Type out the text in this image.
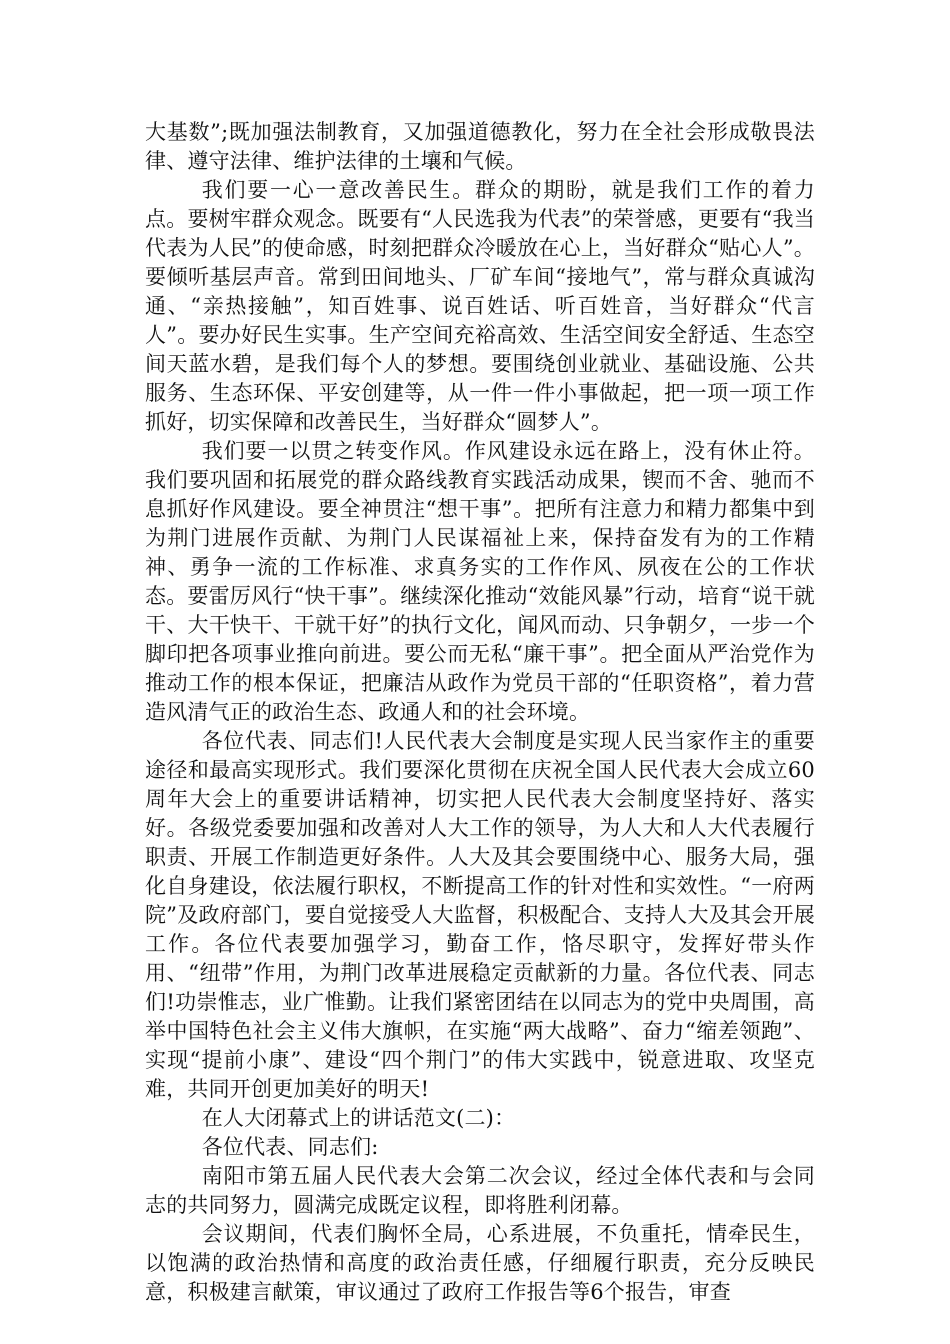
大基数”;既加强法制教育，又加强道德教化，努力在全社会形成敬畏法律、遵守法律、维护法律的土壤和气候。

我们要一心一意改善民生。群众的期盼，就是我们工作的着力点。要树牢群众观念。既要有“人民选我为代表”的荣誉感，更要有“我当代表为人民”的使命感，时刻把群众冷暖放在心上，当好群众“贴心人”。要倾听基层声音。常到田间地头、厂矿车间“接地气”，常与群众真诚沟通、“亲热接触”，知百姓事、说百姓话、听百姓音，当好群众“代言人”。要办好民生实事。生产空间充裕高效、生活空间安全舒适、生态空间天蓝水碧，是我们每个人的梦想。要围绕创业就业、基础设施、公共服务、生态环保、平安创建等，从一件一件小事做起，把一项一项工作抓好，切实保障和改善民生，当好群众“圆梦人”。

我们要一以贯之转变作风。作风建设永远在路上，没有休止符。我们要巩固和拓展党的群众路线教育实践活动成果，锲而不舍、驰而不息抓好作风建设。要全神贯注“想干事”。把所有注意力和精力都集中到为荆门进展作贡献、为荆门人民谋福祉上来，保持奋发有为的工作精神、勇争一流的工作标准、求真务实的工作作风、夙夜在公的工作状态。要雷厉风行“快干事”。继续深化推动“效能风暴”行动，培育“说干就干、大干快干、干就干好”的执行文化，闻风而动、只争朝夕，一步一个脚印把各项事业推向前进。要公而无私“廉干事”。把全面从严治党作为推动工作的根本保证，把廉洁从政作为党员干部的“任职资格”，着力营造风清气正的政治生态、政通人和的社会环境。

各位代表、同志们!人民代表大会制度是实现人民当家作主的重要途径和最高实现形式。我们要深化贯彻在庆祝全国人民代表大会成立60周年大会上的重要讲话精神，切实把人民代表大会制度坚持好、落实好。各级党委要加强和改善对人大工作的领导，为人大和人大代表履行职责、开展工作制造更好条件。人大及其会要围绕中心、服务大局，强化自身建设，依法履行职权，不断提高工作的针对性和实效性。“一府两院”及政府部门，要自觉接受人大监督，积极配合、支持人大及其会开展工作。各位代表要加强学习，勤奋工作，恪尽职守，发挥好带头作用、“纽带”作用，为荆门改革进展稳定贡献新的力量。各位代表、同志们!功崇惟志，业广惟勤。让我们紧密团结在以同志为的党中央周围，高举中国特色社会主义伟大旗帜，在实施“两大战略”、奋力“缩差领跑”、实现“提前小康”、建设“四个荆门”的伟大实践中，锐意进取、攻坚克难，共同开创更加美好的明天!

在人大闭幕式上的讲话范文(二)：

各位代表、同志们:

南阳市第五届人民代表大会第二次会议，经过全体代表和与会同志的共同努力，圆满完成既定议程，即将胜利闭幕。

会议期间，代表们胸怀全局，心系进展，不负重托，情牵民生，以饱满的政治热情和高度的政治责任感，仔细履行职责，充分反映民意，积极建言献策，审议通过了政府工作报告等6个报告，审查
